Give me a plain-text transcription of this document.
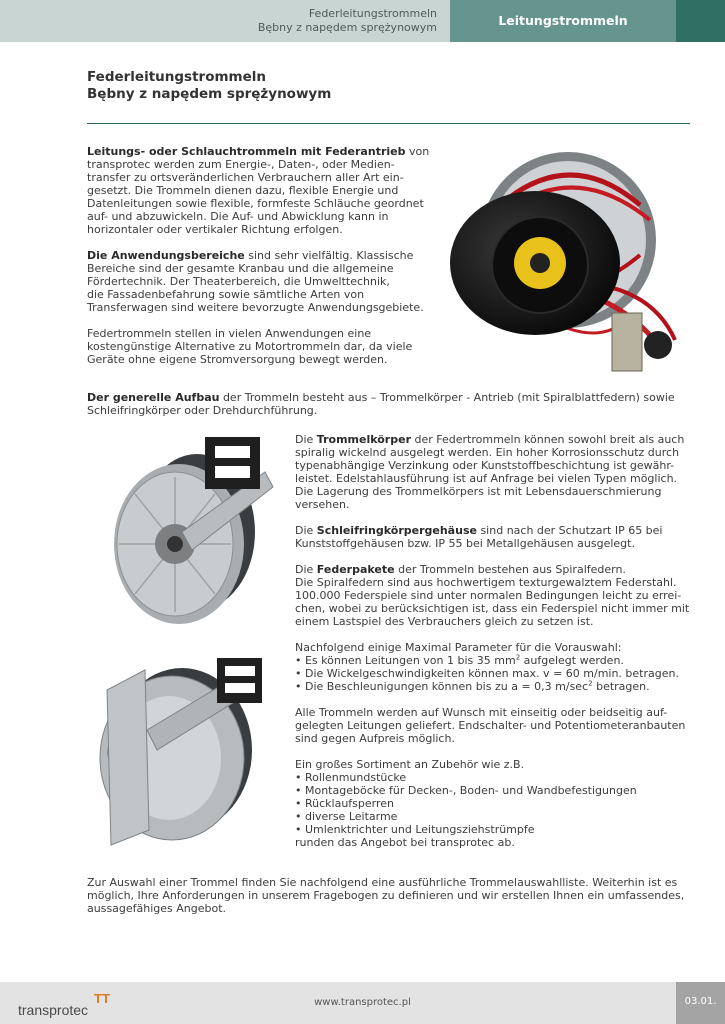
Federleitungstrommeln
Bębny z napędem sprężynowym	Leitungstrommeln
Federleitungstrommeln
Bębny z napędem sprężynowym

Leitungs- oder Schlauchtrommeln mit Federantrieb von
transprotec werden zum Energie-, Daten-, oder Medien-
transfer zu ortsveränderlichen Verbrauchern aller Art ein-
gesetzt. Die Trommeln dienen dazu, flexible Energie und
Datenleitungen sowie flexible, formfeste Schläuche geordnet
auf- und abzuwickeln. Die Auf- und Abwicklung kann in
horizontaler oder vertikaler Richtung erfolgen.

Die Anwendungsbereiche sind sehr vielfältig. Klassische
Bereiche sind der gesamte Kranbau und die allgemeine
Fördertechnik. Der Theaterbereich, die Umwelttechnik,
die Fassadenbefahrung sowie sämtliche Arten von
Transferwagen sind weitere bevorzugte Anwendungsgebiete.

Federtrommeln stellen in vielen Anwendungen eine
kostengünstige Alternative zu Motortrommeln dar, da viele
Geräte ohne eigene Stromversorgung bewegt werden.

Der generelle Aufbau der Trommeln besteht aus – Trommelkörper - Antrieb (mit Spiralblattfedern) sowie
Schleifringkörper oder Drehdurchführung.

Die Trommelkörper der Federtrommeln können sowohl breit als auch
spiralig wickelnd ausgelegt werden. Ein hoher Korrosionsschutz durch
typenabhängige Verzinkung oder Kunststoffbeschichtung ist gewähr-
leistet. Edelstahlausführung ist auf Anfrage bei vielen Typen möglich.
Die Lagerung des Trommelkörpers ist mit Lebensdauerschmierung
versehen.

Die Schleifringkörpergehäuse sind nach der Schutzart IP 65 bei
Kunststoffgehäusen bzw. IP 55 bei Metallgehäusen ausgelegt.

Die Federpakete der Trommeln bestehen aus Spiralfedern.
Die Spiralfedern sind aus hochwertigem texturgewalztem Federstahl.
100.000 Federspiele sind unter normalen Bedingungen leicht zu errei-
chen, wobei zu berücksichtigen ist, dass ein Federspiel nicht immer mit
einem Lastspiel des Verbrauchers gleich zu setzen ist.

Nachfolgend einige Maximal Parameter für die Vorauswahl:
• Es können Leitungen von 1 bis 35 $mm^2$ aufgelegt werden.
• Die Wickelgeschwindigkeiten können max. v = 60 m/min. betragen.
• Die Beschleunigungen können bis zu a = 0,3 $m/\sec^2$ betragen.

Alle Trommeln werden auf Wunsch mit einseitig oder beidseitig auf-
gelegten Leitungen geliefert. Endschalter- und Potentiometeranbauten
sind gegen Aufpreis möglich.

Ein großes Sortiment an Zubehör wie z.B.
• Rollenmundstücke
• Montageböcke für Decken-, Boden- und Wandbefestigungen
• Rücklaufsperren
• diverse Leitarme
• Umlenktrichter und Leitungsziehstrümpfe
runden das Angebot bei transprotec ab.

Zur Auswahl einer Trommel finden Sie nachfolgend eine ausführliche Trommelauswahlliste. Weiterhin ist es
möglich, Ihre Anforderungen in unserem Fragebogen zu definieren und wir erstellen Ihnen ein umfassendes,
aussagefähiges Angebot.
TT
transprotec	www.transprotec.pl	03.01.
